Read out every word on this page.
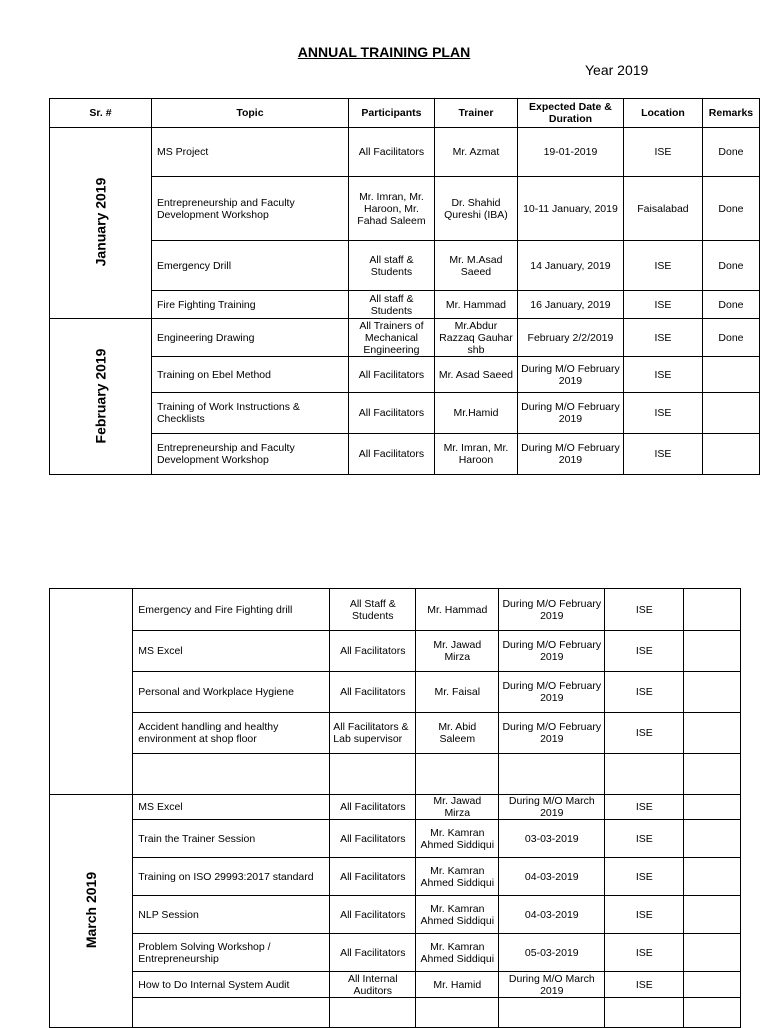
ANNUAL TRAINING PLAN
Year 2019
Sr. #	Topic	Participants	Trainer	Expected Date & Duration	Location	Remarks
January 2019	MS Project	All Facilitators	Mr. Azmat	19-01-2019	ISE	Done
	Entrepreneurship and Faculty Development Workshop	Mr. Imran, Mr. Haroon, Mr. Fahad Saleem	Dr. Shahid Qureshi (IBA)	10-11 January, 2019	Faisalabad	Done
	Emergency Drill	All staff & Students	Mr. M.Asad Saeed	14 January, 2019	ISE	Done
	Fire Fighting Training	All staff & Students	Mr. Hammad	16 January, 2019	ISE	Done
February 2019	Engineering Drawing	All Trainers of Mechanical Engineering	Mr.Abdur Razzaq Gauhar shb	February 2/2/2019	ISE	Done
	Training on Ebel Method	All Facilitators	Mr. Asad Saeed	During M/O February 2019	ISE	
	Training of Work Instructions & Checklists	All Facilitators	Mr.Hamid	During M/O February 2019	ISE	
	Entrepreneurship and Faculty Development Workshop	All Facilitators	Mr. Imran, Mr. Haroon	During M/O February 2019	ISE	
	Emergency and Fire Fighting drill	All Staff & Students	Mr. Hammad	During M/O February 2019	ISE	
	MS Excel	All Facilitators	Mr. Jawad Mirza	During M/O February 2019	ISE	
	Personal and Workplace Hygiene	All Facilitators	Mr. Faisal	During M/O February 2019	ISE	
	Accident handling and healthy environment at shop floor	All Facilitators & Lab supervisor	Mr. Abid Saleem	During M/O February 2019	ISE	

March 2019	MS Excel	All Facilitators	Mr. Jawad Mirza	During M/O March 2019	ISE	
	Train the Trainer Session	All Facilitators	Mr. Kamran Ahmed Siddiqui	03-03-2019	ISE	
	Training on ISO 29993:2017 standard	All Facilitators	Mr. Kamran Ahmed Siddiqui	04-03-2019	ISE	
	NLP Session	All Facilitators	Mr. Kamran Ahmed Siddiqui	04-03-2019	ISE	
	Problem Solving Workshop / Entrepreneurship	All Facilitators	Mr. Kamran Ahmed Siddiqui	05-03-2019	ISE	
	How to Do Internal System Audit	All Internal Auditors	Mr. Hamid	During M/O March 2019	ISE	
